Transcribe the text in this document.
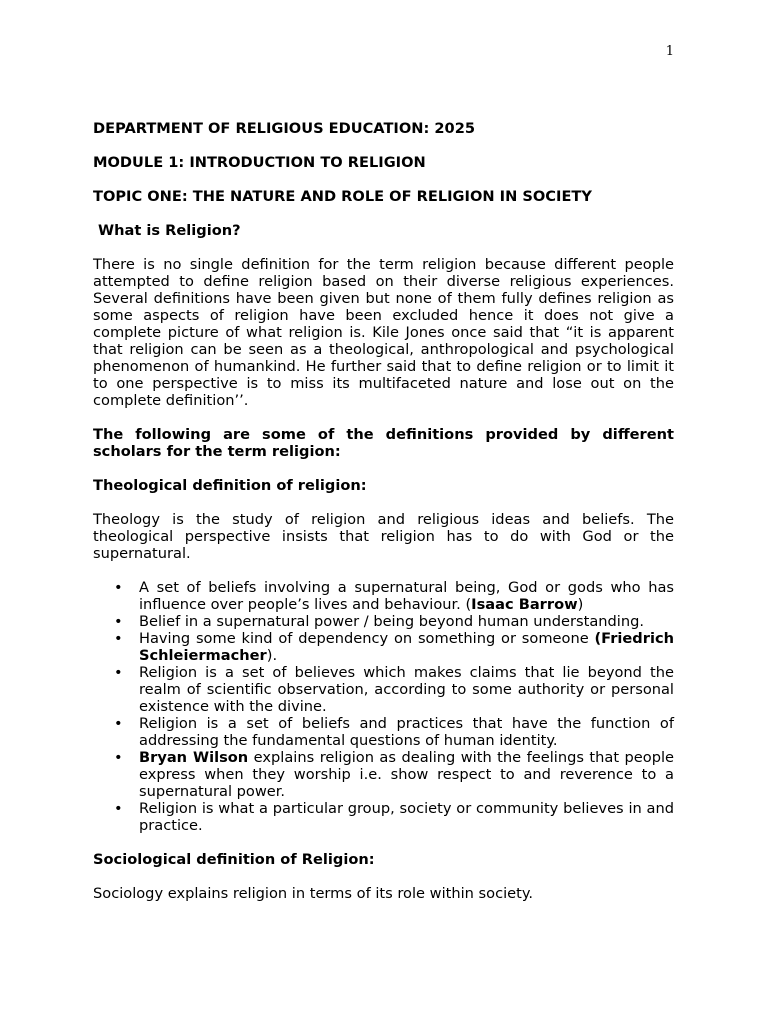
1
DEPARTMENT OF RELIGIOUS EDUCATION: 2025
MODULE 1: INTRODUCTION TO RELIGION
TOPIC ONE: THE NATURE AND ROLE OF RELIGION IN SOCIETY
What is Religion?

There is no single definition for the term religion because different people attempted to define religion based on their diverse religious experiences. Several definitions have been given but none of them fully defines religion as some aspects of religion have been excluded hence it does not give a complete picture of what religion is. Kile Jones once said that “it is apparent that religion can be seen as a theological, anthropological and psychological phenomenon of humankind. He further said that to define religion or to limit it to one perspective is to miss its multifaceted nature and lose out on the complete definition’’.

The following are some of the definitions provided by different scholars for the term religion:

Theological definition of religion:

Theology is the study of religion and religious ideas and beliefs. The theological perspective insists that religion has to do with God or the supernatural.

• A set of beliefs involving a supernatural being, God or gods who has influence over people’s lives and behaviour. (Isaac Barrow)
• Belief in a supernatural power / being beyond human understanding.
• Having some kind of dependency on something or someone (Friedrich Schleiermacher).
• Religion is a set of believes which makes claims that lie beyond the realm of scientific observation, according to some authority or personal existence with the divine.
• Religion is a set of beliefs and practices that have the function of addressing the fundamental questions of human identity.
• Bryan Wilson explains religion as dealing with the feelings that people express when they worship i.e. show respect to and reverence to a supernatural power.
• Religion is what a particular group, society or community believes in and practice.
Sociological definition of Religion:

Sociology explains religion in terms of its role within society.
